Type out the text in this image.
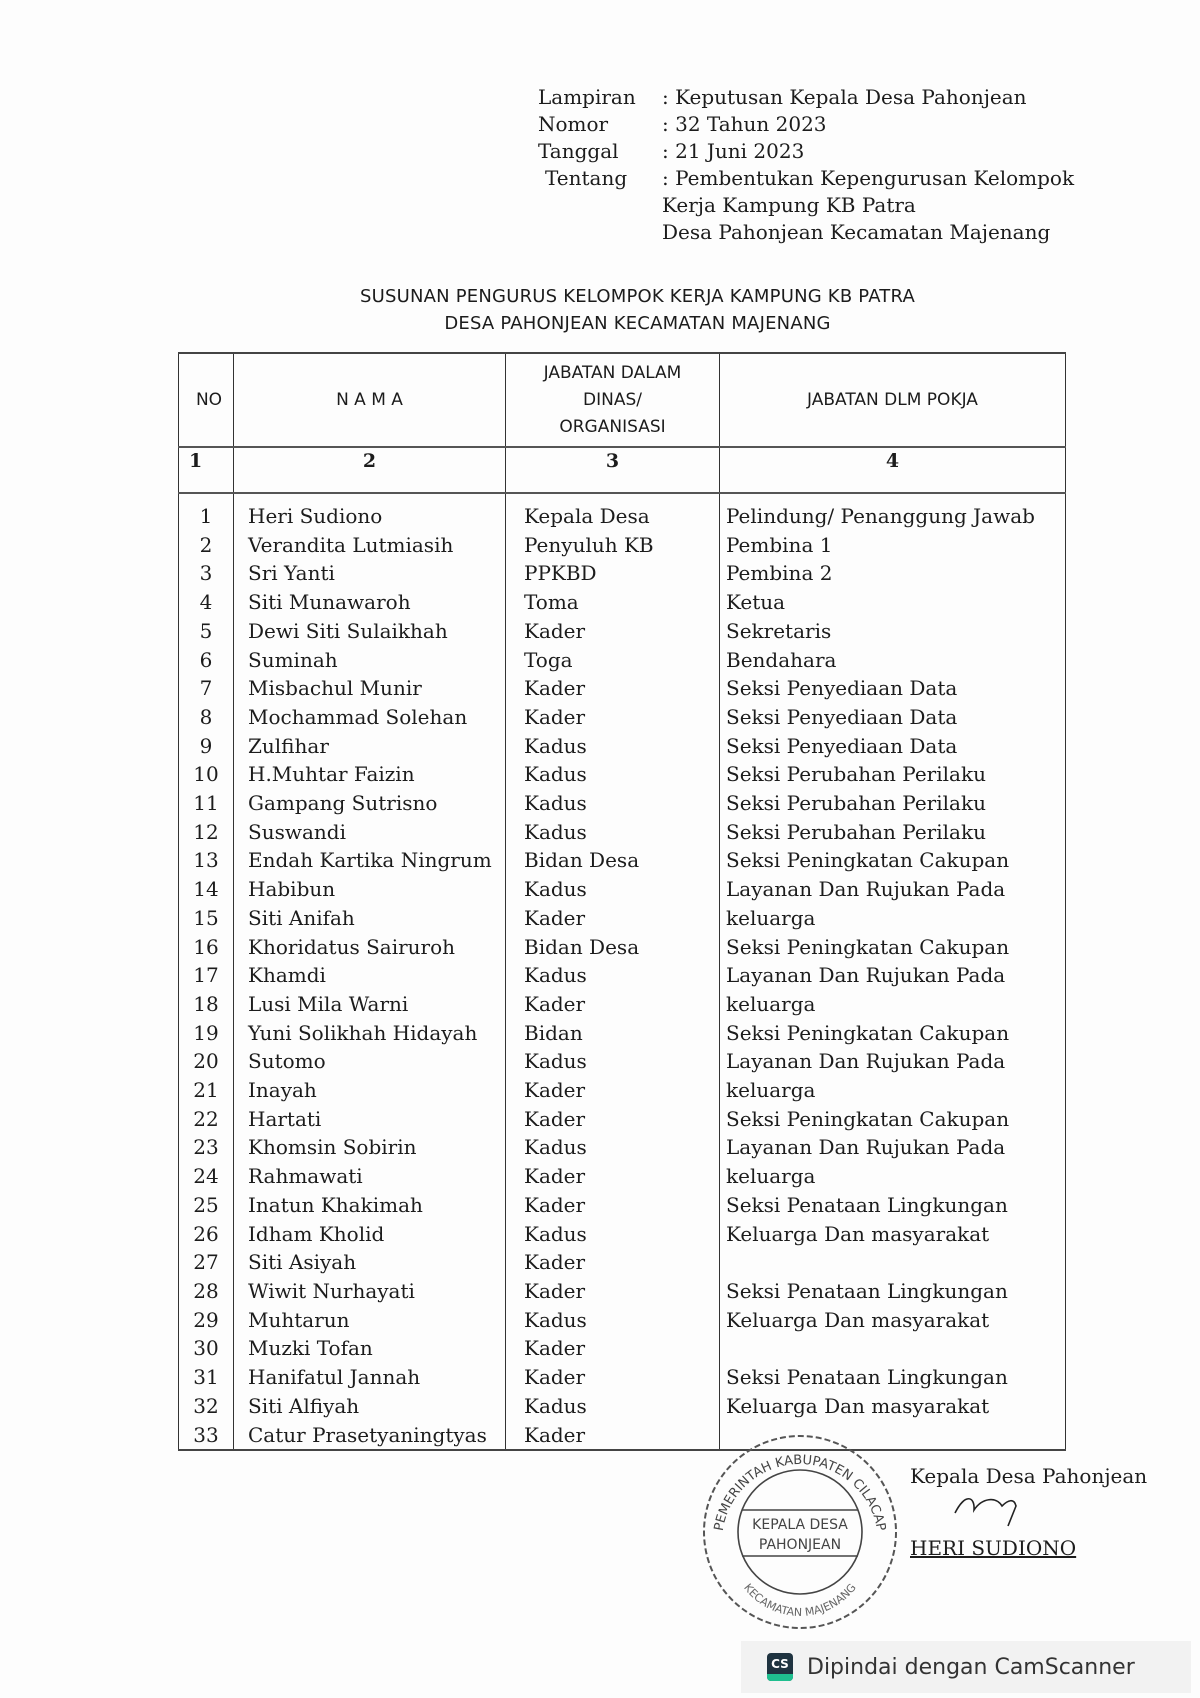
Lampiran	: Keputusan Kepala Desa Pahonjean
Nomor	: 32 Tahun 2023
Tanggal	: 21 Juni 2023
Tentang	: Pembentukan Kepengurusan Kelompok
Kerja Kampung KB Patra
Desa Pahonjean Kecamatan Majenang
SUSUNAN PENGURUS KELOMPOK KERJA KAMPUNG KB PATRA
DESA PAHONJEAN KECAMATAN MAJENANG
NO	N A M A	JABATAN DALAM
DINAS/
ORGANISASI	JABATAN DLM POKJA
1	2	3	4
1	Heri Sudiono	Kepala Desa	Pelindung/ Penanggung Jawab
2	Verandita Lutmiasih	Penyuluh KB	Pembina 1
3	Sri Yanti	PPKBD	Pembina 2
4	Siti Munawaroh	Toma	Ketua
5	Dewi Siti Sulaikhah	Kader	Sekretaris
6	Suminah	Toga	Bendahara
7	Misbachul Munir	Kader	Seksi Penyediaan Data
8	Mochammad Solehan	Kader	Seksi Penyediaan Data
9	Zulfihar	Kadus	Seksi Penyediaan Data
10	H.Muhtar Faizin	Kadus	Seksi Perubahan Perilaku
11	Gampang Sutrisno	Kadus	Seksi Perubahan Perilaku
12	Suswandi	Kadus	Seksi Perubahan Perilaku
13	Endah Kartika Ningrum	Bidan Desa	Seksi Peningkatan Cakupan
14	Habibun	Kadus	Layanan Dan Rujukan Pada
15	Siti Anifah	Kader	keluarga
16	Khoridatus Sairuroh	Bidan Desa	Seksi Peningkatan Cakupan
17	Khamdi	Kadus	Layanan Dan Rujukan Pada
18	Lusi Mila Warni	Kader	keluarga
19	Yuni Solikhah Hidayah	Bidan	Seksi Peningkatan Cakupan
20	Sutomo	Kadus	Layanan Dan Rujukan Pada
21	Inayah	Kader	keluarga
22	Hartati	Kader	Seksi Peningkatan Cakupan
23	Khomsin Sobirin	Kadus	Layanan Dan Rujukan Pada
24	Rahmawati	Kader	keluarga
25	Inatun Khakimah	Kader	Seksi Penataan Lingkungan
26	Idham Kholid	Kadus	Keluarga Dan masyarakat
27	Siti Asiyah	Kader	
28	Wiwit Nurhayati	Kader	Seksi Penataan Lingkungan
29	Muhtarun	Kadus	Keluarga Dan masyarakat
30	Muzki Tofan	Kader	
31	Hanifatul Jannah	Kader	Seksi Penataan Lingkungan
32	Siti Alfiyah	Kadus	Keluarga Dan masyarakat
33	Catur Prasetyaningtyas	Kader	
PEMERINTAH KABUPATEN CILACAP
KEPALA DESA
PAHONJEAN
KECAMATAN MAJENANG
Kepala Desa Pahonjean
HERI SUDIONO
CS Dipindai dengan CamScanner
